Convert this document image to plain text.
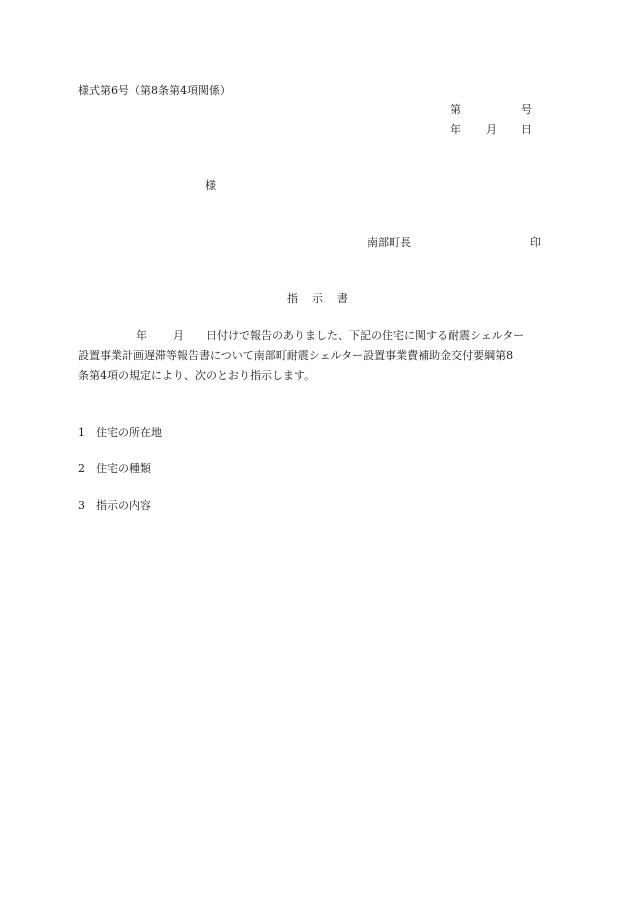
様式第6号（第8条第4項関係）
第	号
年 月 日
様
南部町長	印
指 示 書
年 月 日付けで報告のありました、下記の住宅に関する耐震シェルター
設置事業計画遅滞等報告書について南部町耐震シェルター設置事業費補助金交付要綱第8
条第4項の規定により、次のとおり指示します。
1 住宅の所在地
2 住宅の種類
3 指示の内容
